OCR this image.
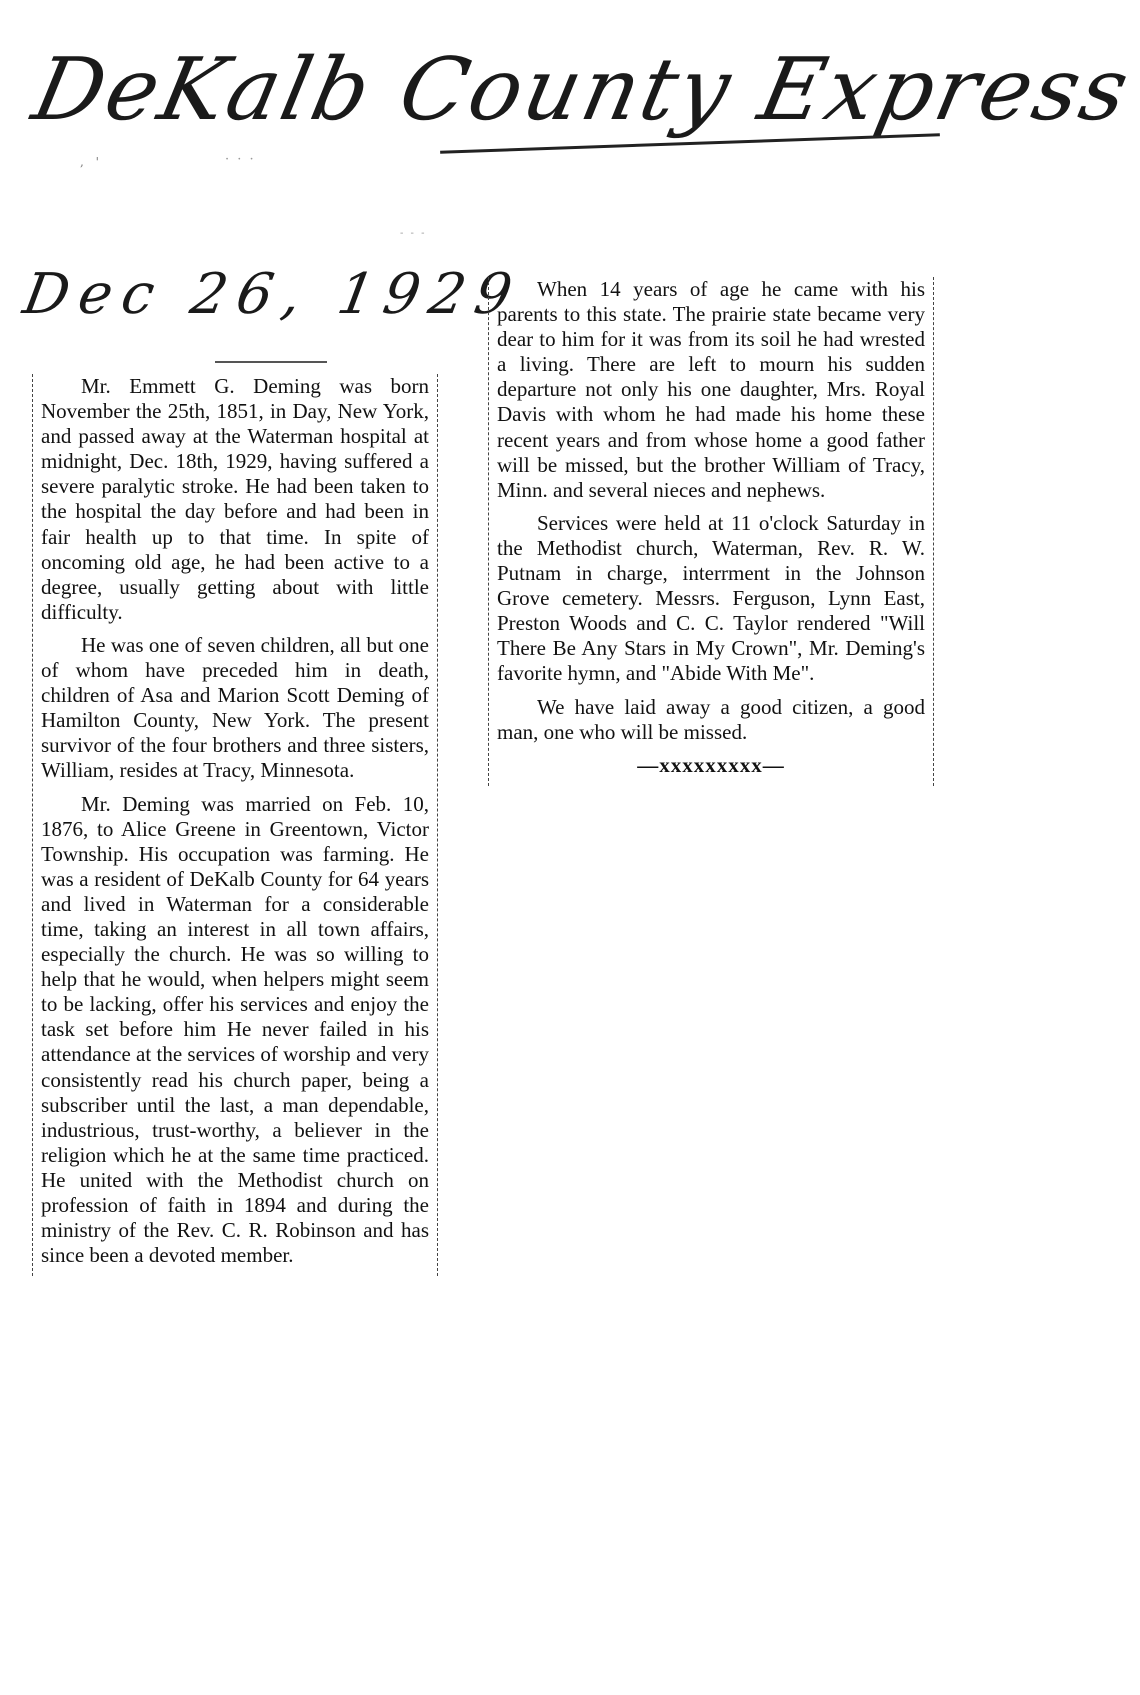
DeKalb County Express
, '	· · ·
- - -
Dec 26, 1929

Mr. Emmett G. Deming was born November the 25th, 1851, in Day, New York, and passed away at the Waterman hospital at midnight, Dec. 18th, 1929, having suffered a severe paralytic stroke. He had been taken to the hospital the day before and had been in fair health up to that time. In spite of oncoming old age, he had been active to a degree, usually getting about with little difficulty.

He was one of seven children, all but one of whom have preceded him in death, children of Asa and Marion Scott Deming of Hamilton County, New York. The present survivor of the four brothers and three sisters, William, resides at Tracy, Minnesota.

Mr. Deming was married on Feb. 10, 1876, to Alice Greene in Greentown, Victor Township. His occupation was farming. He was a resident of DeKalb County for 64 years and lived in Waterman for a considerable time, taking an interest in all town affairs, especially the church. He was so willing to help that he would, when helpers might seem to be lacking, offer his services and enjoy the task set before him He never failed in his attendance at the services of worship and very consistently read his church paper, being a subscriber until the last, a man dependable, industrious, trust-worthy, a believer in the religion which he at the same time practiced. He united with the Methodist church on profession of faith in 1894 and during the ministry of the Rev. C. R. Robinson and has since been a devoted member.

When 14 years of age he came with his parents to this state. The prairie state became very dear to him for it was from its soil he had wrested a living. There are left to mourn his sudden departure not only his one daughter, Mrs. Royal Davis with whom he had made his home these recent years and from whose home a good father will be missed, but the brother William of Tracy, Minn. and several nieces and nephews.

Services were held at 11 o'clock Saturday in the Methodist church, Waterman, Rev. R. W. Putnam in charge, interrment in the Johnson Grove cemetery. Messrs. Ferguson, Lynn East, Preston Woods and C. C. Taylor rendered "Will There Be Any Stars in My Crown", Mr. Deming's favorite hymn, and "Abide With Me".

We have laid away a good citizen, a good man, one who will be missed.

—xxxxxxxxx—
